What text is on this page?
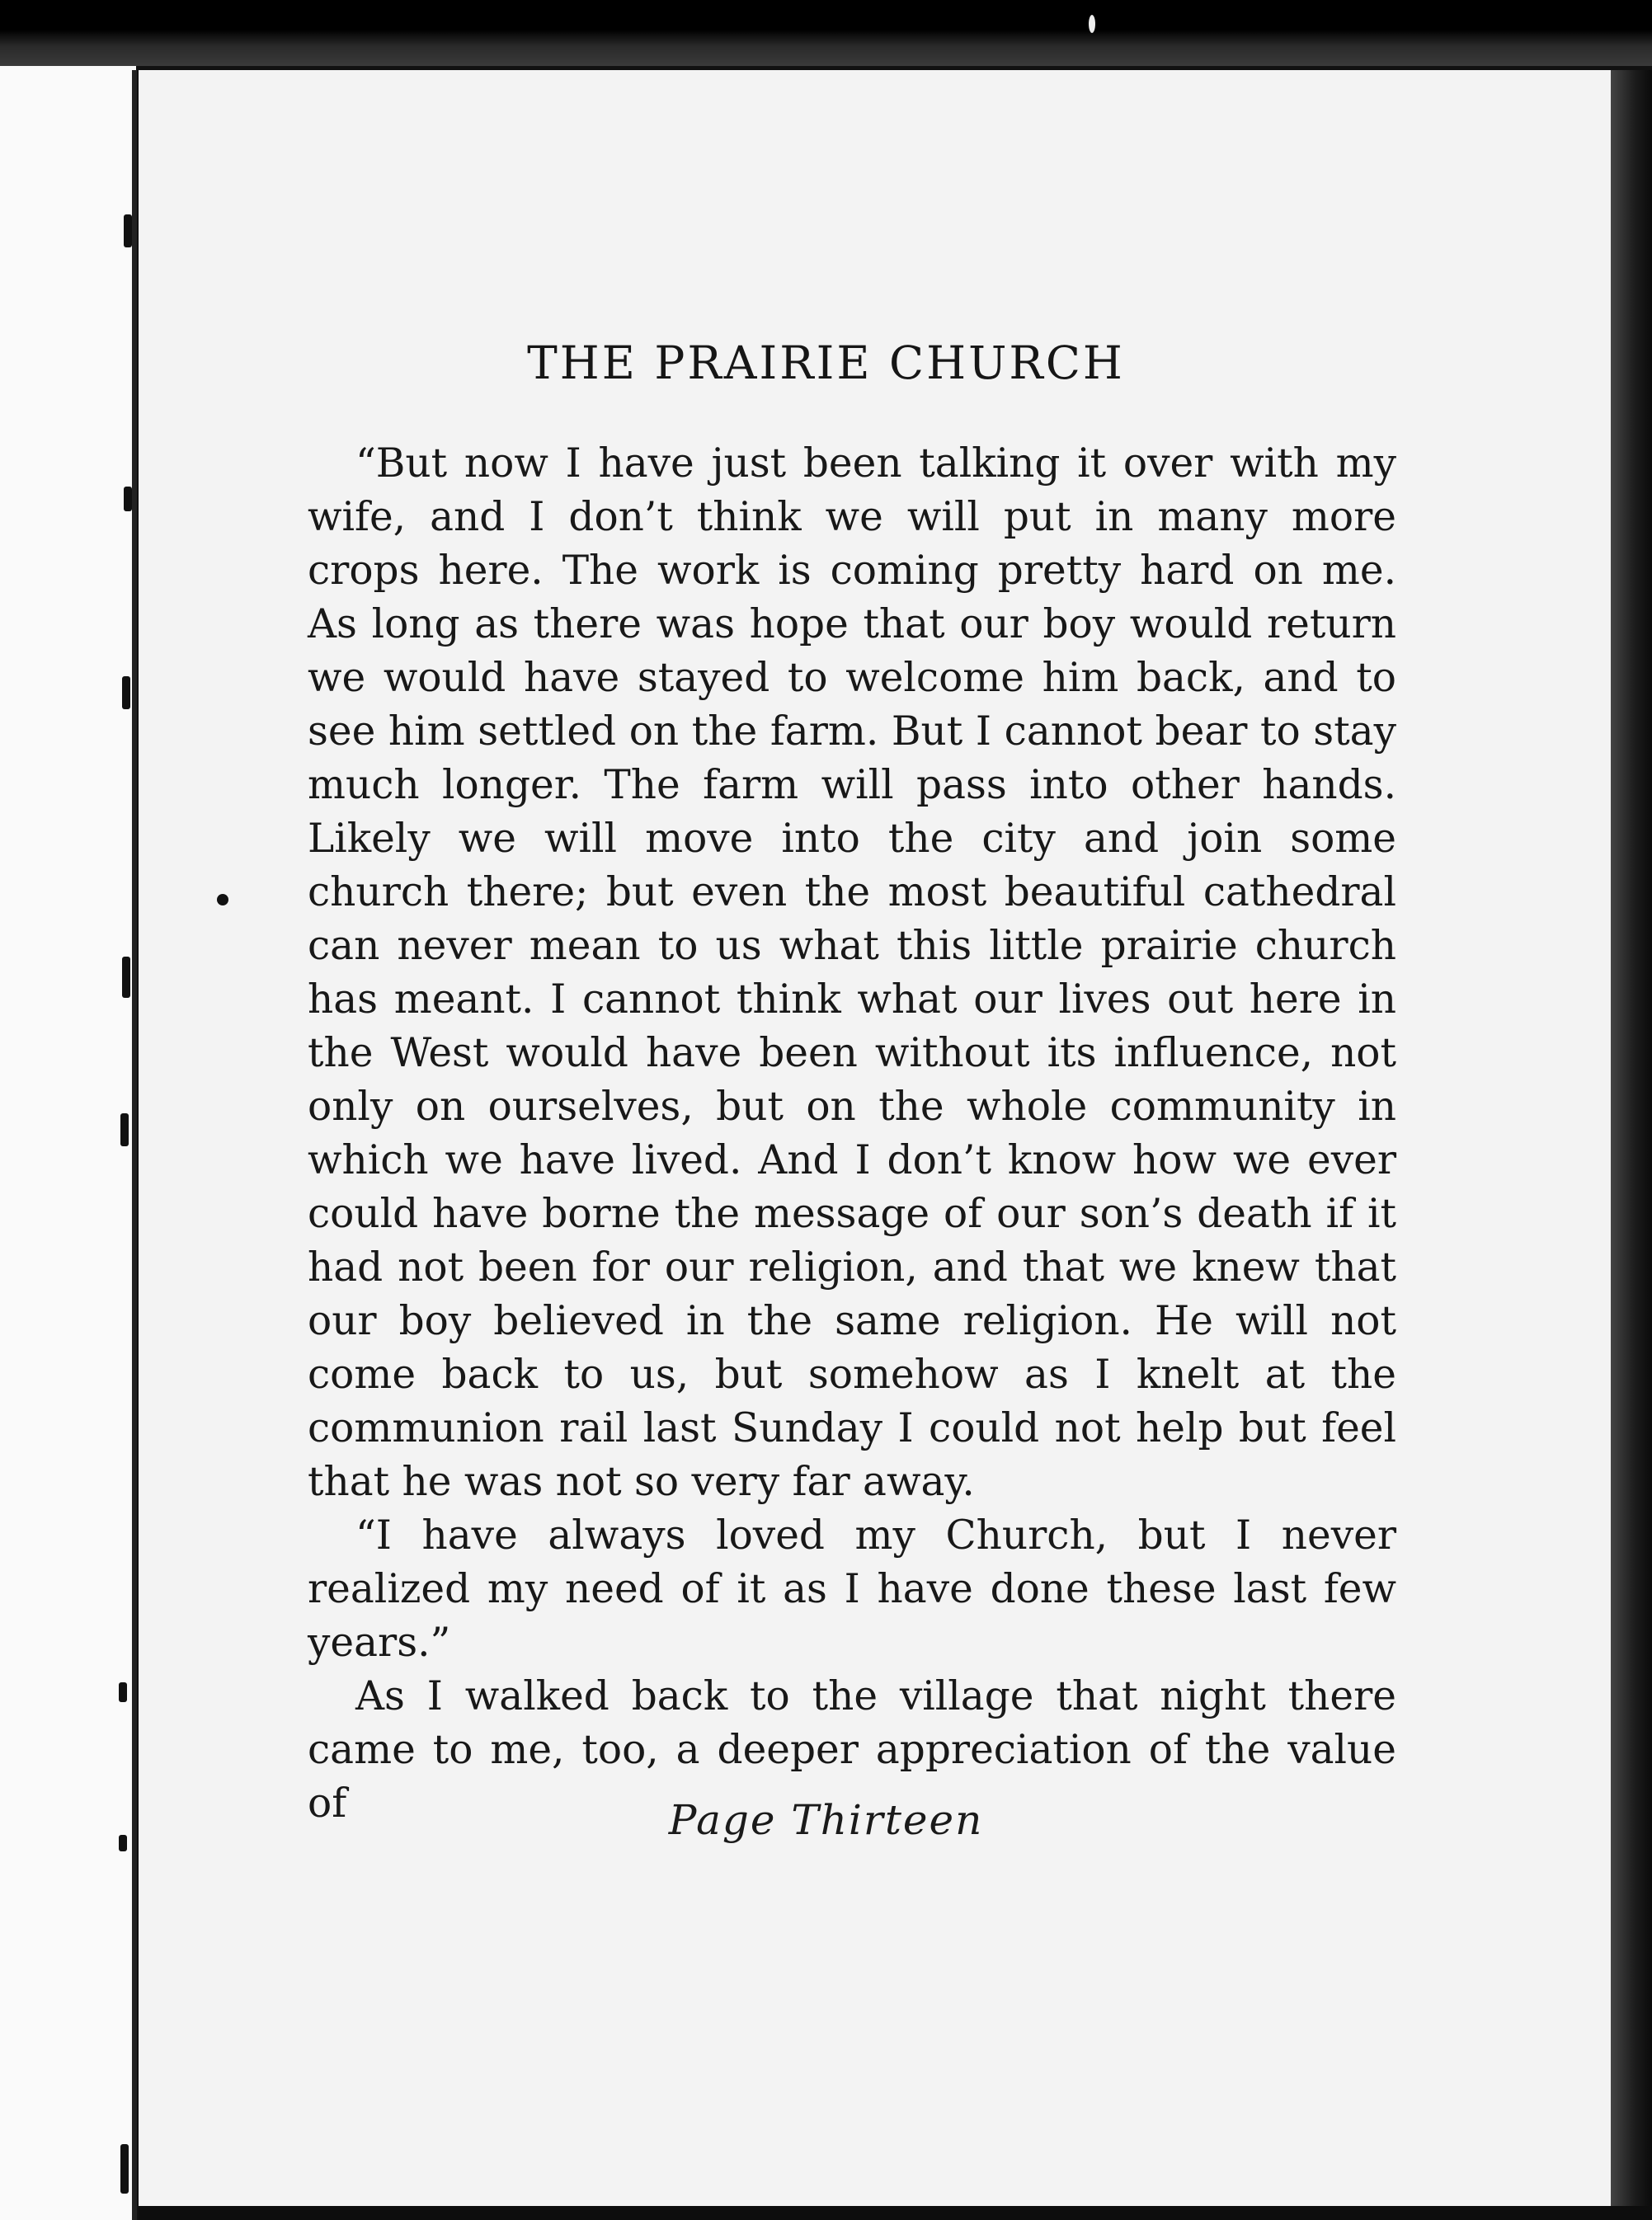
THE PRAIRIE CHURCH

“But now I have just been talking it over with my wife, and I don’t think we will put in many more crops here. The work is coming pretty hard on me. As long as there was hope that our boy would return we would have stayed to welcome him back, and to see him settled on the farm. But I cannot bear to stay much longer. The farm will pass into other hands. Likely we will move into the city and join some church there; but even the most beautiful cathedral can never mean to us what this little prairie church has meant. I cannot think what our lives out here in the West would have been without its influence, not only on ourselves, but on the whole community in which we have lived. And I don’t know how we ever could have borne the message of our son’s death if it had not been for our religion, and that we knew that our boy believed in the same religion. He will not come back to us, but somehow as I knelt at the communion rail last Sunday I could not help but feel that he was not so very far away.

“I have always loved my Church, but I never realized my need of it as I have done these last few years.”

As I walked back to the village that night there came to me, too, a deeper appreciation of the value of	Page Thirteen
